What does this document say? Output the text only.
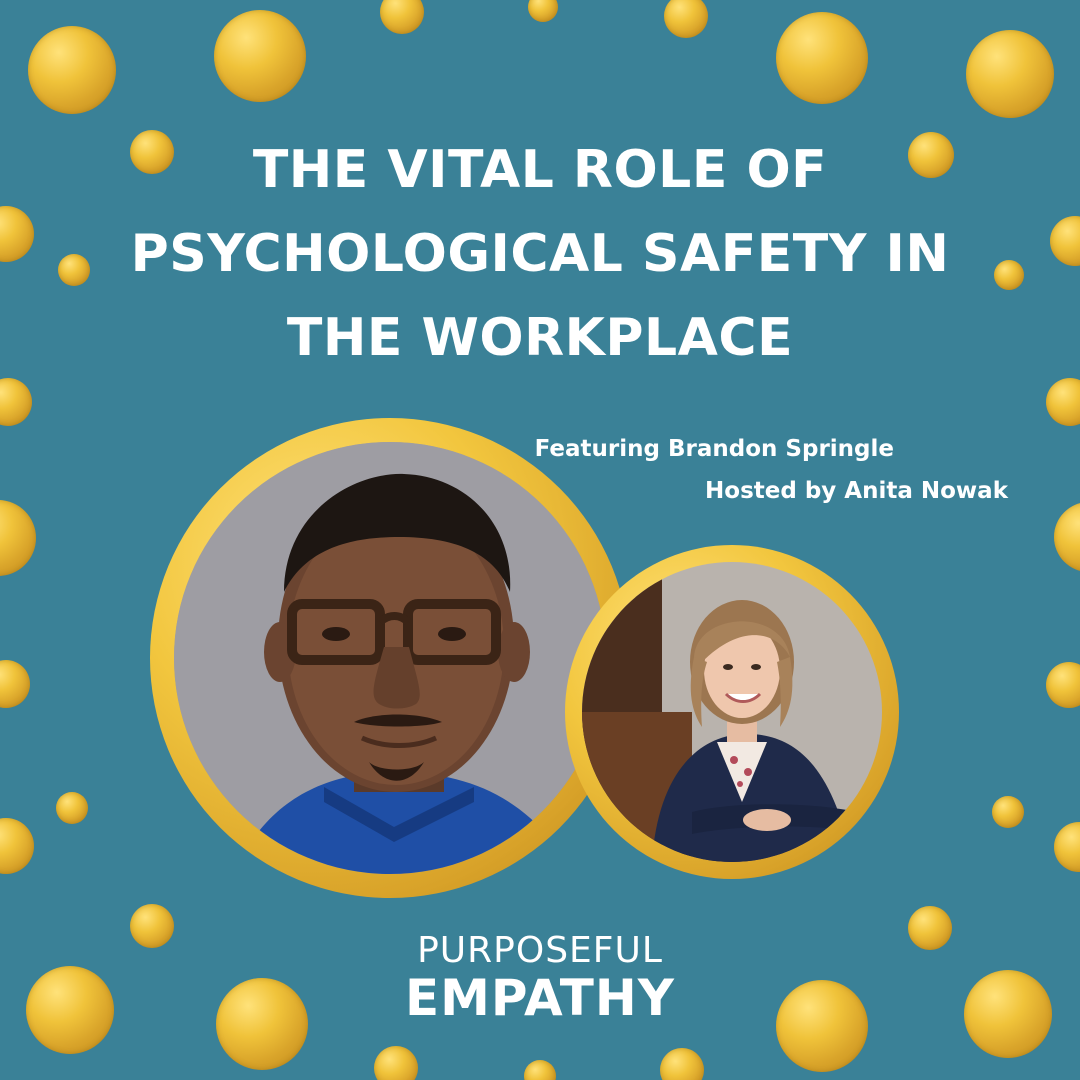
THE VITAL ROLE OF
PSYCHOLOGICAL SAFETY IN
THE WORKPLACE
Featuring Brandon Springle
Hosted by Anita Nowak
PURPOSEFUL
EMPATHY
